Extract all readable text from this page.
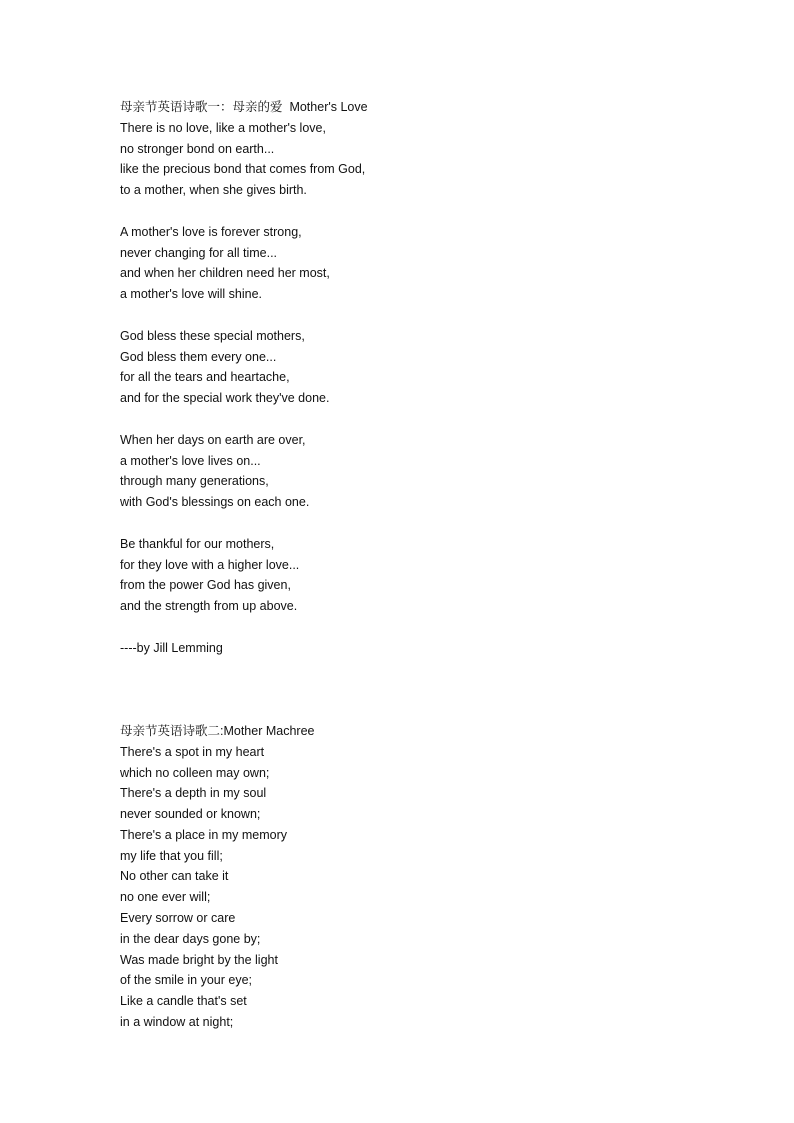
母亲节英语诗歌一：母亲的爱  Mother's Love
There is no love, like a mother's love,
no stronger bond on earth...
like the precious bond that comes from God,
to a mother, when she gives birth.
A mother's love is forever strong,
never changing for all time...
and when her children need her most,
a mother's love will shine.
God bless these special mothers,
God bless them every one...
for all the tears and heartache,
and for the special work they've done.
When her days on earth are over,
a mother's love lives on...
through many generations,
with God's blessings on each one.
Be thankful for our mothers,
for they love with a higher love...
from the power God has given,
and the strength from up above.
----by Jill Lemming
母亲节英语诗歌二:Mother Machree
There's a spot in my heart
which no colleen may own;
There's a depth in my soul
never sounded or known;
There's a place in my memory
my life that you fill;
No other can take it
no one ever will;
Every sorrow or care
in the dear days gone by;
Was made bright by the light
of the smile in your eye;
Like a candle that's set
in a window at night;
